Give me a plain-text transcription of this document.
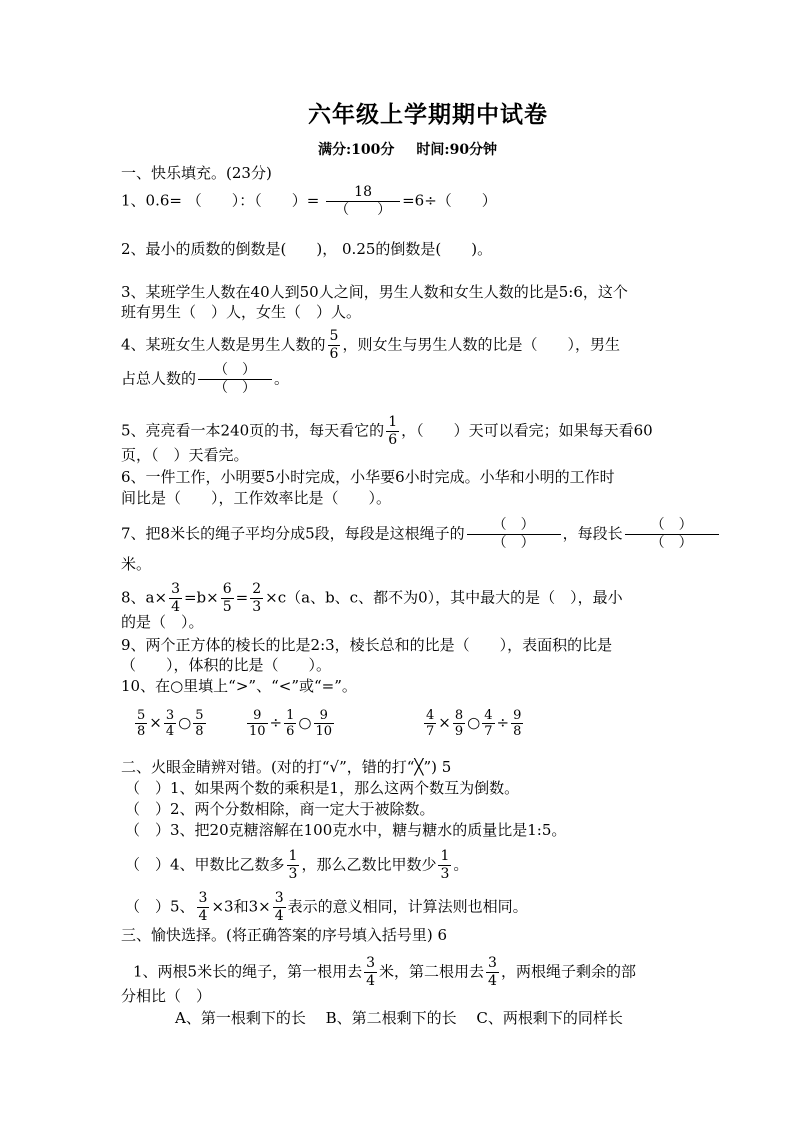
六年级上学期期中试卷
满分:100分 时间:90分钟
一、快乐填充。(23分)
1、0.6= （　　）：（　　）= $\frac{18}{( )} =6\div$（　　）
2、最小的质数的倒数是(　　)， 0.25的倒数是(　　)。
3、某班学生人数在40人到50人之间，男生人数和女生人数的比是5:6，这个
班有男生（　）人，女生（　）人。
4、某班女生人数是男生人数的 $\frac{5}{6}$ ，则女生与男生人数的比是（　　），男生
占总人数的 $\frac{( )}{( )}$ 。
5、亮亮看一本240页的书，每天看它的 $\frac{1}{6}$ ，（　　）天可以看完；如果每天看60
页，（　）天看完。
6、一件工作，小明要5小时完成，小华要6小时完成。小华和小明的工作时
间比是（　　），工作效率比是（　　）。
7、把8米长的绳子平均分成5段，每段是这根绳子的 $\frac{( )}{( )}$ ，每段长 $\frac{( )}{( )}$
米。
8、$a\times \frac{3}{4} =b\times \frac{6}{5} = \frac{2}{3} \times c(a$、b、c、都不为0），其中最大的是（　），最小
的是（　）。
9、两个正方体的棱长的比是2:3，棱长总和的比是（　　），表面积的比是
（　　），体积的比是（　　）。
10、在○里填上“>”、“<”或“=”。
$\frac{5}{8} \times \frac{3}{4}$ ○ $\frac{5}{8}$	$\frac{9}{10} \div \frac{1}{6}$ ○ $\frac{9}{10}$	$\frac{4}{7} \times \frac{8}{9}$ ○ $\frac{4}{7} \div \frac{9}{8}$
二、火眼金睛辨对错。(对的打“√”，错的打“╳”) 5
（　）1、如果两个数的乘积是1，那么这两个数互为倒数。
（　）2、两个分数相除，商一定大于被除数。
（　）3、把20克糖溶解在100克水中，糖与糖水的质量比是1:5。
（　）4、甲数比乙数多 $\frac{1}{3}$ ，那么乙数比甲数少 $\frac{1}{3}$ 。
（　）5、 $\frac{3}{4} \times 3$和$3\times \frac{3}{4}$ 表示的意义相同，计算法则也相同。
三、愉快选择。(将正确答案的序号填入括号里) 6
1、两根5米长的绳子，第一根用去 $\frac{3}{4}$ 米，第二根用去 $\frac{3}{4}$ ，两根绳子剩余的部
分相比（　）
A、第一根剩下的长　 B、第二根剩下的长　 C、两根剩下的同样长
